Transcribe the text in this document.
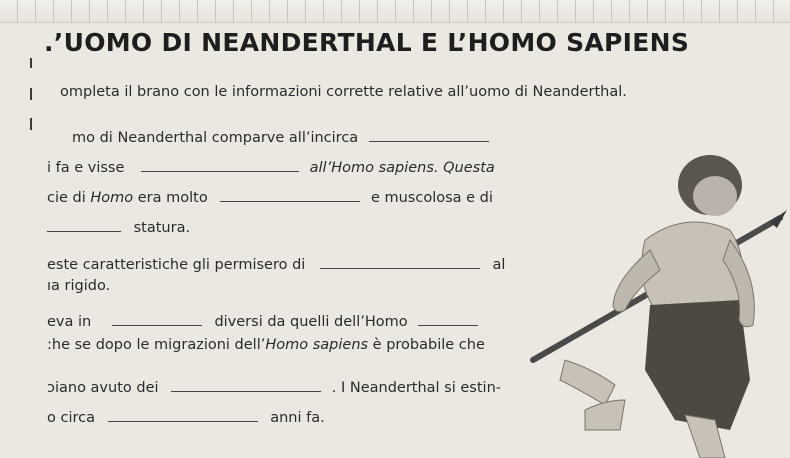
.’UOMO DI NEANDERTHAL E L’HOMO SAPIENS
ompleta il brano con le informazioni corrette relative all’uomo di Neanderthal.
mo di Neanderthal comparve all’incirca
i fa e visse	all’Homo sapiens. Questa
cie di Homo era molto	e muscolosa e di
statura.
este caratteristiche gli permisero di	al
ıa rigido.
eva in	diversi da quelli dell’Homo
:he se dopo le migrazioni dell’Homo sapiens è probabile che
ɔiano avuto dei	. I Neanderthal si estin-
o circa	anni fa.
